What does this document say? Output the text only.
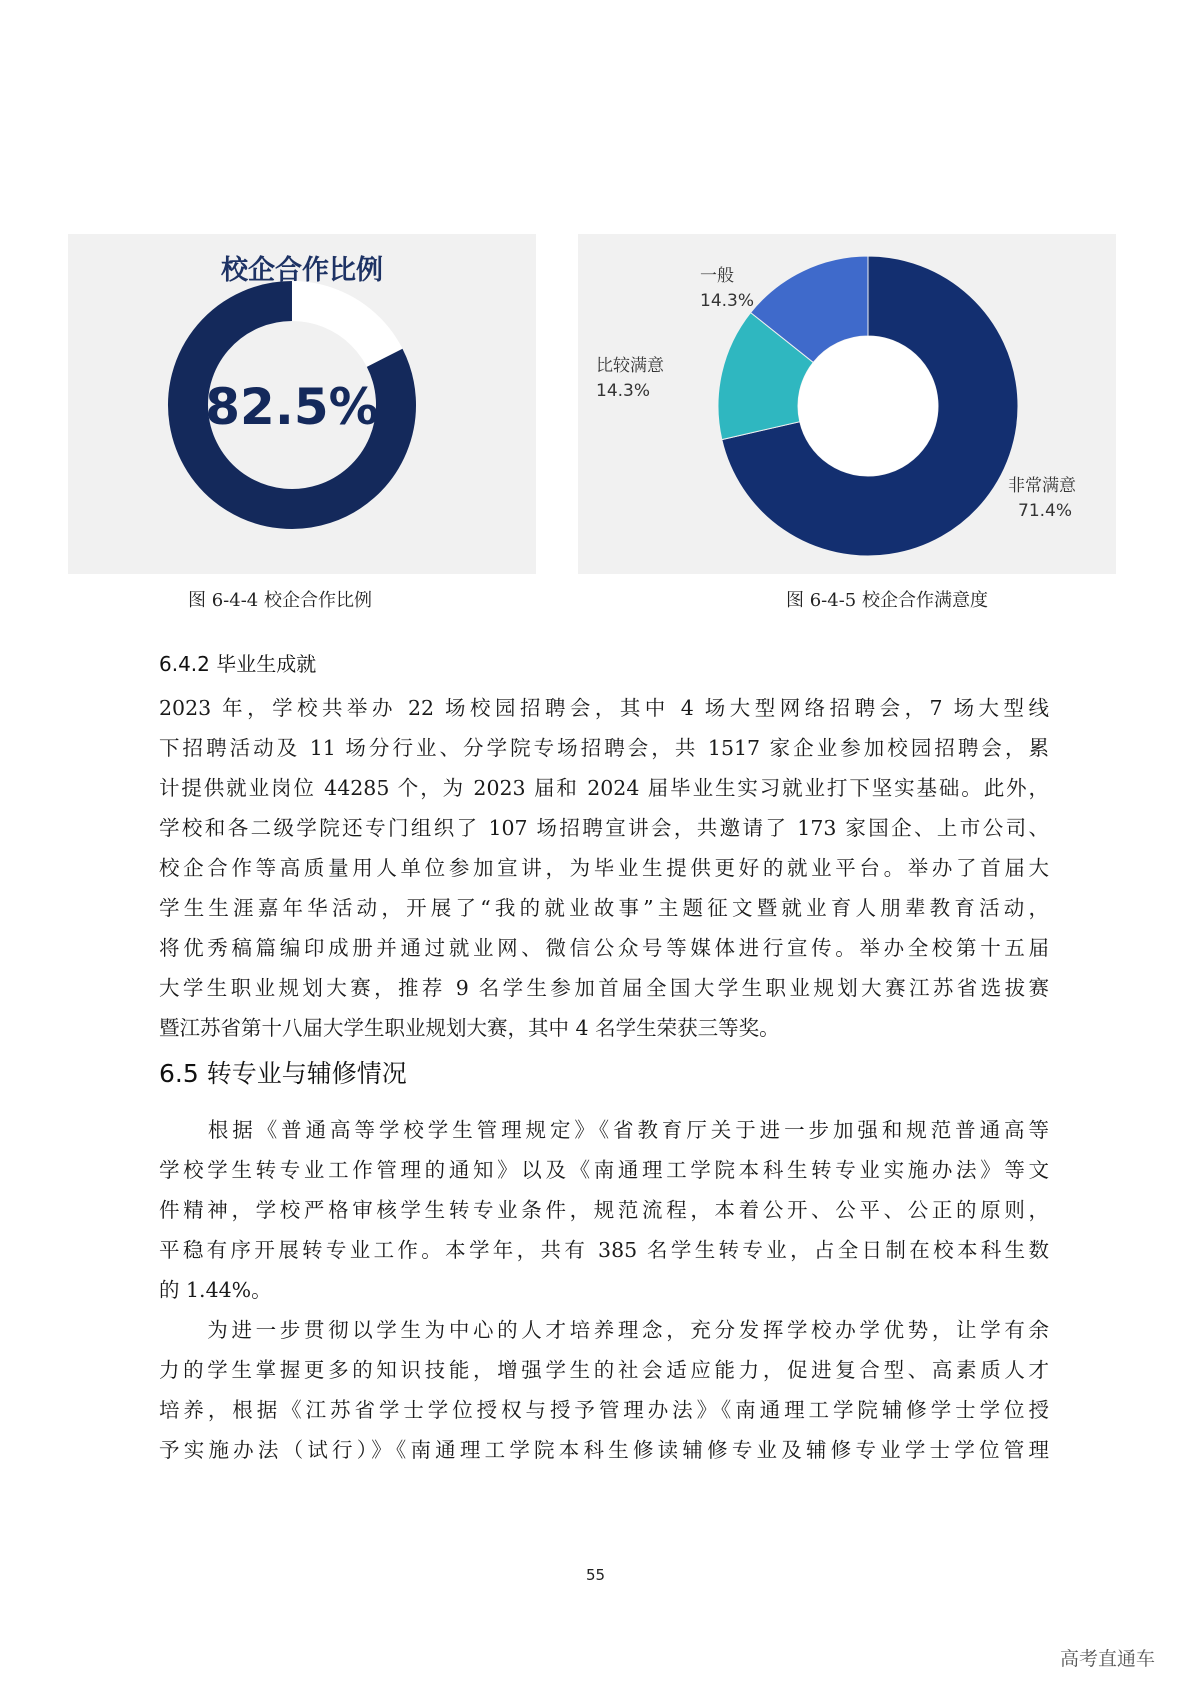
校企合作比例
82.5%
一般
14.3%
比较满意
14.3%
非常满意
71.4%
图 6-4-4 校企合作比例	图 6-4-5 校企合作满意度
6.4.2 毕业生成就
2023 年，学校共举办 22 场校园招聘会，其中 4 场大型网络招聘会，7 场大型线
下招聘活动及 11 场分行业、分学院专场招聘会，共 1517 家企业参加校园招聘会，累
计提供就业岗位 44285 个，为 2023 届和 2024 届毕业生实习就业打下坚实基础。此外，
学校和各二级学院还专门组织了 107 场招聘宣讲会，共邀请了 173 家国企、上市公司、
校企合作等高质量用人单位参加宣讲，为毕业生提供更好的就业平台。举办了首届大
学生生涯嘉年华活动，开展了“我的就业故事”主题征文暨就业育人朋辈教育活动，
将优秀稿篇编印成册并通过就业网、微信公众号等媒体进行宣传。举办全校第十五届
大学生职业规划大赛，推荐 9 名学生参加首届全国大学生职业规划大赛江苏省选拔赛
暨江苏省第十八届大学生职业规划大赛，其中 4 名学生荣获三等奖。
6.5 转专业与辅修情况
　　根据《普通高等学校学生管理规定》《省教育厅关于进一步加强和规范普通高等
学校学生转专业工作管理的通知》以及《南通理工学院本科生转专业实施办法》等文
件精神，学校严格审核学生转专业条件，规范流程，本着公开、公平、公正的原则，
平稳有序开展转专业工作。本学年，共有 385 名学生转专业，占全日制在校本科生数
的 1.44%。
　　为进一步贯彻以学生为中心的人才培养理念，充分发挥学校办学优势，让学有余
力的学生掌握更多的知识技能，增强学生的社会适应能力，促进复合型、高素质人才
培养，根据《江苏省学士学位授权与授予管理办法》《南通理工学院辅修学士学位授
予实施办法（试行）》《南通理工学院本科生修读辅修专业及辅修专业学士学位管理
55
高考直通车
